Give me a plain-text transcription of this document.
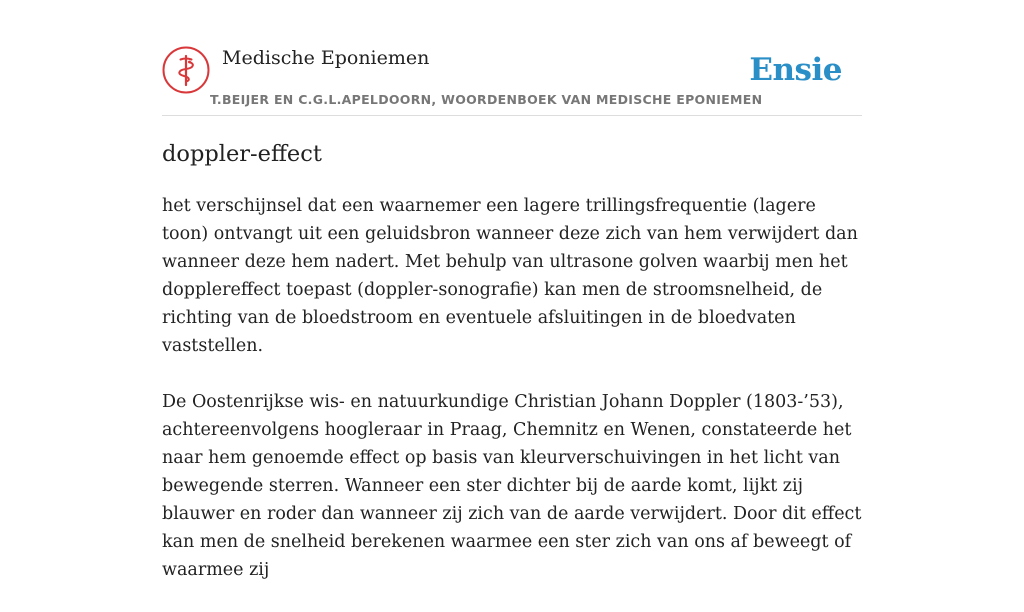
Medische Eponiemen
T.BEIJER EN C.G.L.APELDOORN, WOORDENBOEK VAN MEDISCHE EPONIEMEN
Ensie
doppler-effect

het verschijnsel dat een waarnemer een lagere trillingsfrequentie (lagere toon) ontvangt uit een geluidsbron wanneer deze zich van hem verwijdert dan wanneer deze hem nadert. Met behulp van ultrasone golven waarbij men het dopplereffect toepast (doppler-sonografie) kan men de stroomsnelheid, de richting van de bloedstroom en eventuele afsluitingen in de bloedvaten vaststellen.

De Oostenrijkse wis- en natuurkundige Christian Johann Doppler (1803-’53), achtereenvolgens hoogleraar in Praag, Chemnitz en Wenen, constateerde het naar hem genoemde effect op basis van kleurverschuivingen in het licht van bewegende sterren. Wanneer een ster dichter bij de aarde komt, lijkt zij blauwer en roder dan wanneer zij zich van de aarde verwijdert. Door dit effect kan men de snelheid berekenen waarmee een ster zich van ons af beweegt of waarmee zij
